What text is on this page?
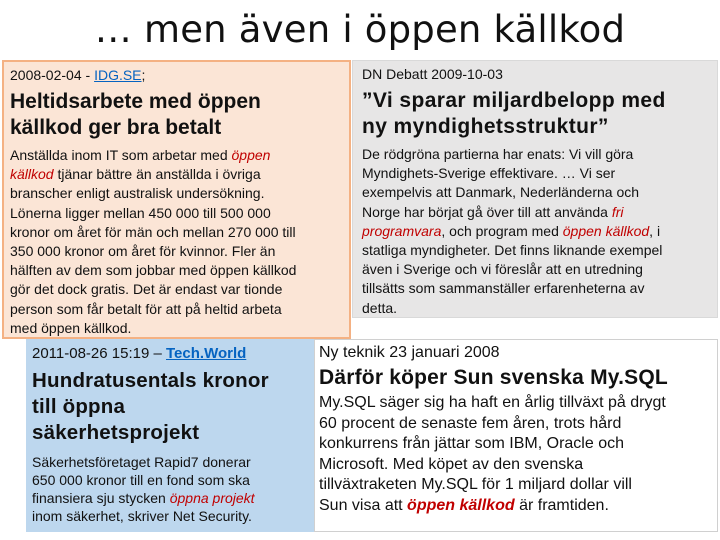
… men även i öppen källkod
2008-02-04 - IDG.SE;
Heltidsarbete med öppen
källkod ger bra betalt
Anställda inom IT som arbetar med öppen
källkod tjänar bättre än anställda i övriga
branscher enligt australisk undersökning.
Lönerna ligger mellan 450 000 till 500 000
kronor om året för män och mellan 270 000 till
350 000 kronor om året för kvinnor. Fler än
hälften av dem som jobbar med öppen källkod
gör det dock gratis. Det är endast var tionde
person som får betalt för att på heltid arbeta
med öppen källkod.
DN Debatt 2009-10-03
”Vi sparar miljardbelopp med
ny myndighetsstruktur”
De rödgröna partierna har enats: Vi vill göra
Myndighets-Sverige effektivare. … Vi ser
exempelvis att Danmark, Nederländerna och
Norge har börjat gå över till att använda fri
programvara, och program med öppen källkod, i
statliga myndigheter. Det finns liknande exempel
även i Sverige och vi föreslår att en utredning
tillsätts som sammanställer erfarenheterna av
detta.
2011-08-26 15:19 – Tech.World
Hundratusentals kronor
till öppna
säkerhetsprojekt
Säkerhetsföretaget Rapid7 donerar
650 000 kronor till en fond som ska
finansiera sju stycken öppna projekt
inom säkerhet, skriver Net Security.
Ny teknik 23 januari 2008
Därför köper Sun svenska My.SQL
My.SQL säger sig ha haft en årlig tillväxt på drygt
60 procent de senaste fem åren, trots hård
konkurrens från jättar som IBM, Oracle och
Microsoft. Med köpet av den svenska
tillväxtraketen My.SQL för 1 miljard dollar vill
Sun visa att öppen källkod är framtiden.
